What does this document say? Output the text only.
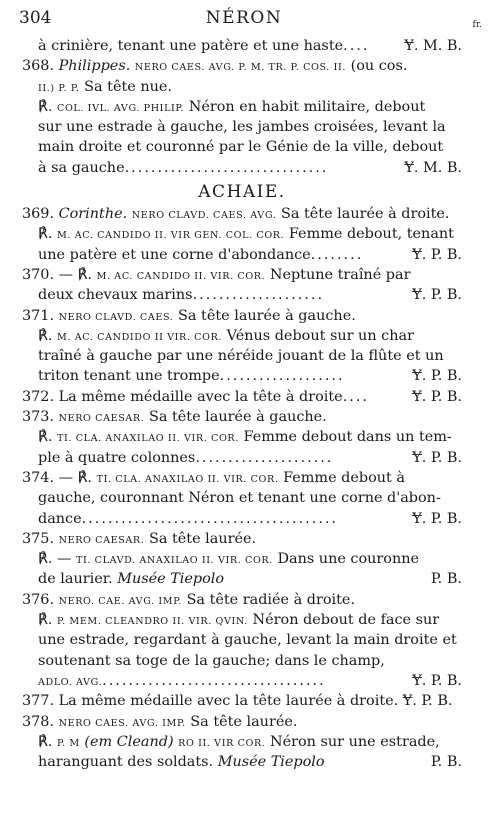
304	NÉRON	fr.
à crinière, tenant une patère et une haste ....	Ɏ. M. B.
368. Philippes. NERO CAES. AVG. P. M. TR. P. COS. II. (ou cos.
II.) P. P. Sa tête nue.
℟. COL. IVL. AVG. PHILIP. Néron en habit militaire, debout
sur une estrade à gauche, les jambes croisées, levant la
main droite et couronné par le Génie de la ville, debout
à sa gauche ...............................	Ɏ. M. B.
ACHAIE.
369. Corinthe. NERO CLAVD. CAES. AVG. Sa tête laurée à droite.
℟. M. AC. CANDIDO II. VIR GEN. COL. COR. Femme debout, tenant
une patère et une corne d'abondance ........	Ɏ. P. B.
370. — ℟. M. AC. CANDIDO II. VIR. COR. Neptune traîné par
deux chevaux marins ....................	Ɏ. P. B.
371. NERO CLAVD. CAES. Sa tête laurée à gauche.
℟. M. AC. CANDIDO II VIR. COR. Vénus debout sur un char
traîné à gauche par une néréide jouant de la flûte et un
triton tenant une trompe ...................	Ɏ. P. B.
372. La même médaille avec la tête à droite ....	Ɏ. P. B.
373. NERO CAESAR. Sa tête laurée à gauche.
℟. TI. CLA. ANAXILAO II. VIR. COR. Femme debout dans un tem-
ple à quatre colonnes .....................	Ɏ. P. B.
374. — ℟. TI. CLA. ANAXILAO II. VIR. COR. Femme debout à
gauche, couronnant Néron et tenant une corne d'abon-
dance .......................................	Ɏ. P. B.
375. NERO CAESAR. Sa tête laurée.
℟. — TI. CLAVD. ANAXILAO II. VIR. COR. Dans une couronne
de laurier. Musée Tiepolo	P. B.
376. NERO. CAE. AVG. IMP. Sa tête radiée à droite.
℟. P. MEM. CLEANDRO II. VIR. QVIN. Néron debout de face sur
une estrade, regardant à gauche, levant la main droite et
soutenant sa toge de la gauche; dans le champ,
ADLO. AVG. ..................................	Ɏ. P. B.
377. La même médaille avec la tête laurée à droite. Ɏ. P. B.
378. NERO CAES. AVG. IMP. Sa tête laurée.
℟. P. M (em Cleand) RO II. VIR COR. Néron sur une estrade,
haranguant des soldats. Musée Tiepolo	P. B.
